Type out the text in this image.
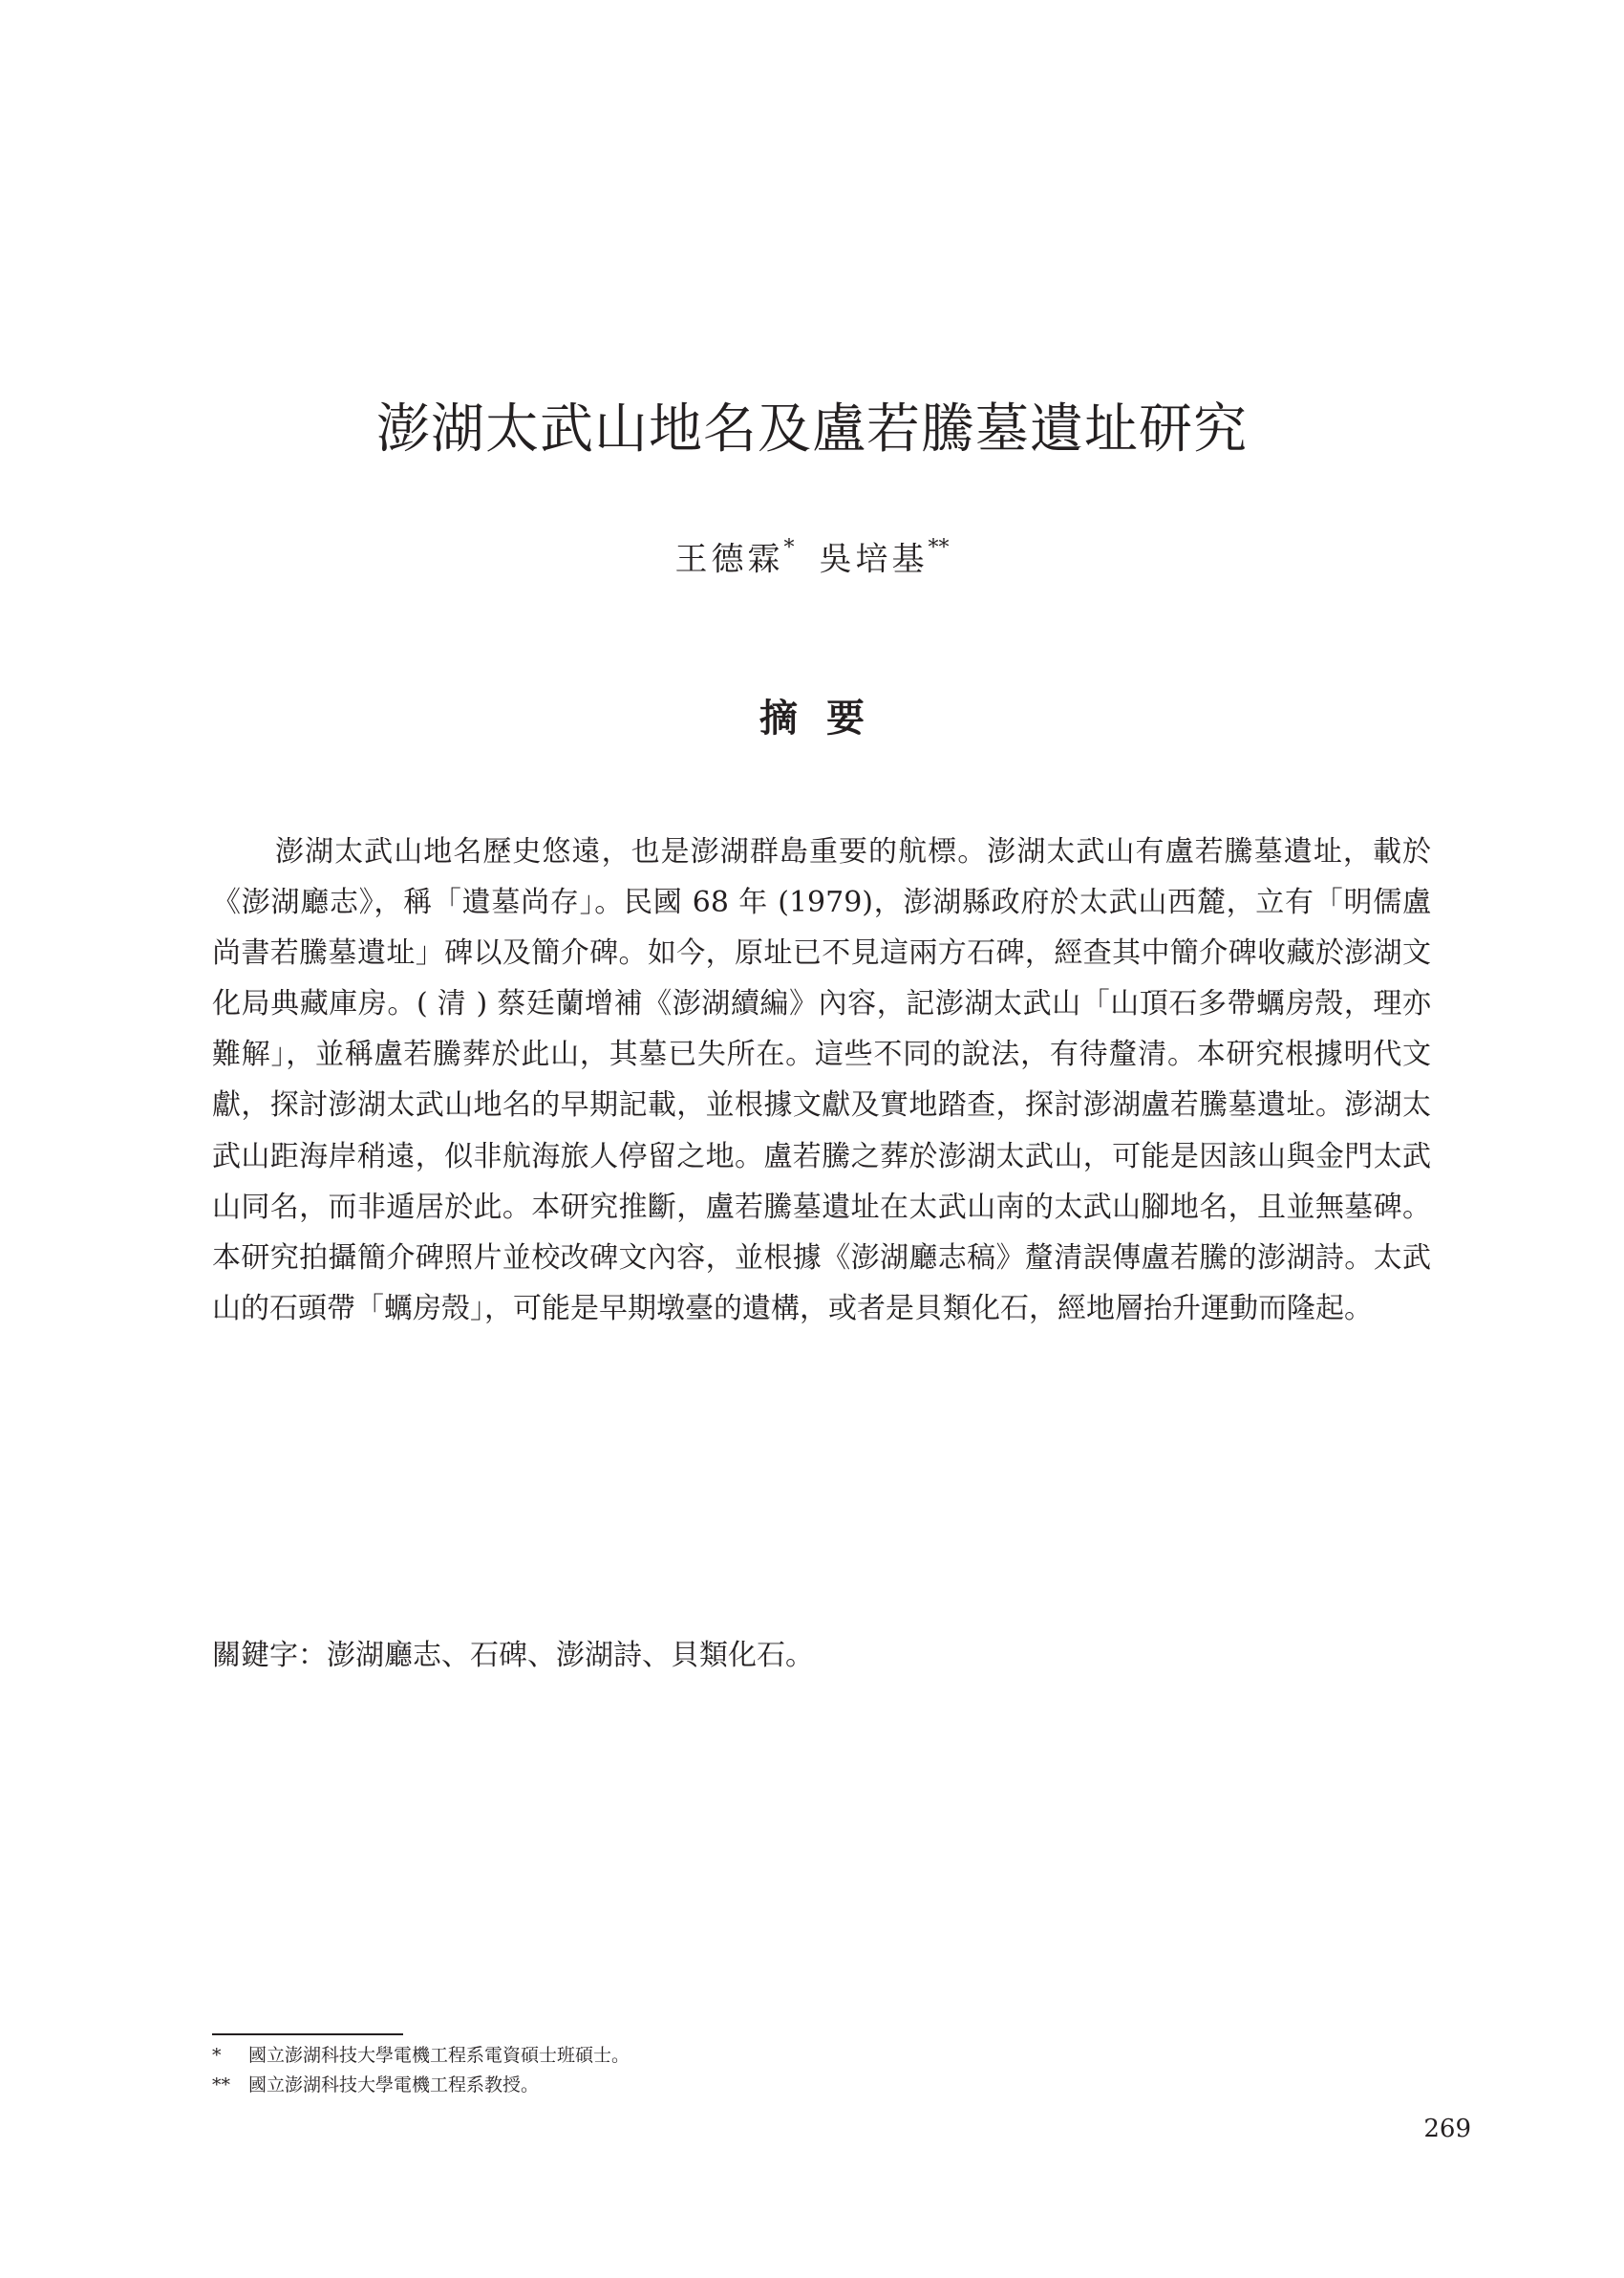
澎湖太武山地名及盧若騰墓遺址研究
王德霖* 吳培基**
摘要

澎湖太武山地名歷史悠遠，也是澎湖群島重要的航標。澎湖太武山有盧若騰墓遺址，載於《澎湖廳志》，稱「遺墓尚存」。民國 68 年 (1979)，澎湖縣政府於太武山西麓，立有「明儒盧尚書若騰墓遺址」碑以及簡介碑。如今，原址已不見這兩方石碑，經查其中簡介碑收藏於澎湖文化局典藏庫房。( 清 ) 蔡廷蘭增補《澎湖續編》內容，記澎湖太武山「山頂石多帶蠣房殼，理亦難解」，並稱盧若騰葬於此山，其墓已失所在。這些不同的說法，有待釐清。本研究根據明代文獻，探討澎湖太武山地名的早期記載，並根據文獻及實地踏查，探討澎湖盧若騰墓遺址。澎湖太武山距海岸稍遠，似非航海旅人停留之地。盧若騰之葬於澎湖太武山，可能是因該山與金門太武山同名，而非遁居於此。本研究推斷，盧若騰墓遺址在太武山南的太武山腳地名，且並無墓碑。本研究拍攝簡介碑照片並校改碑文內容，並根據《澎湖廳志稿》釐清誤傳盧若騰的澎湖詩。太武山的石頭帶「蠣房殼」，可能是早期墩臺的遺構，或者是貝類化石，經地層抬升運動而隆起。

關鍵字：澎湖廳志、石碑、澎湖詩、貝類化石。

*	國立澎湖科技大學電機工程系電資碩士班碩士。
**	國立澎湖科技大學電機工程系教授。
269
